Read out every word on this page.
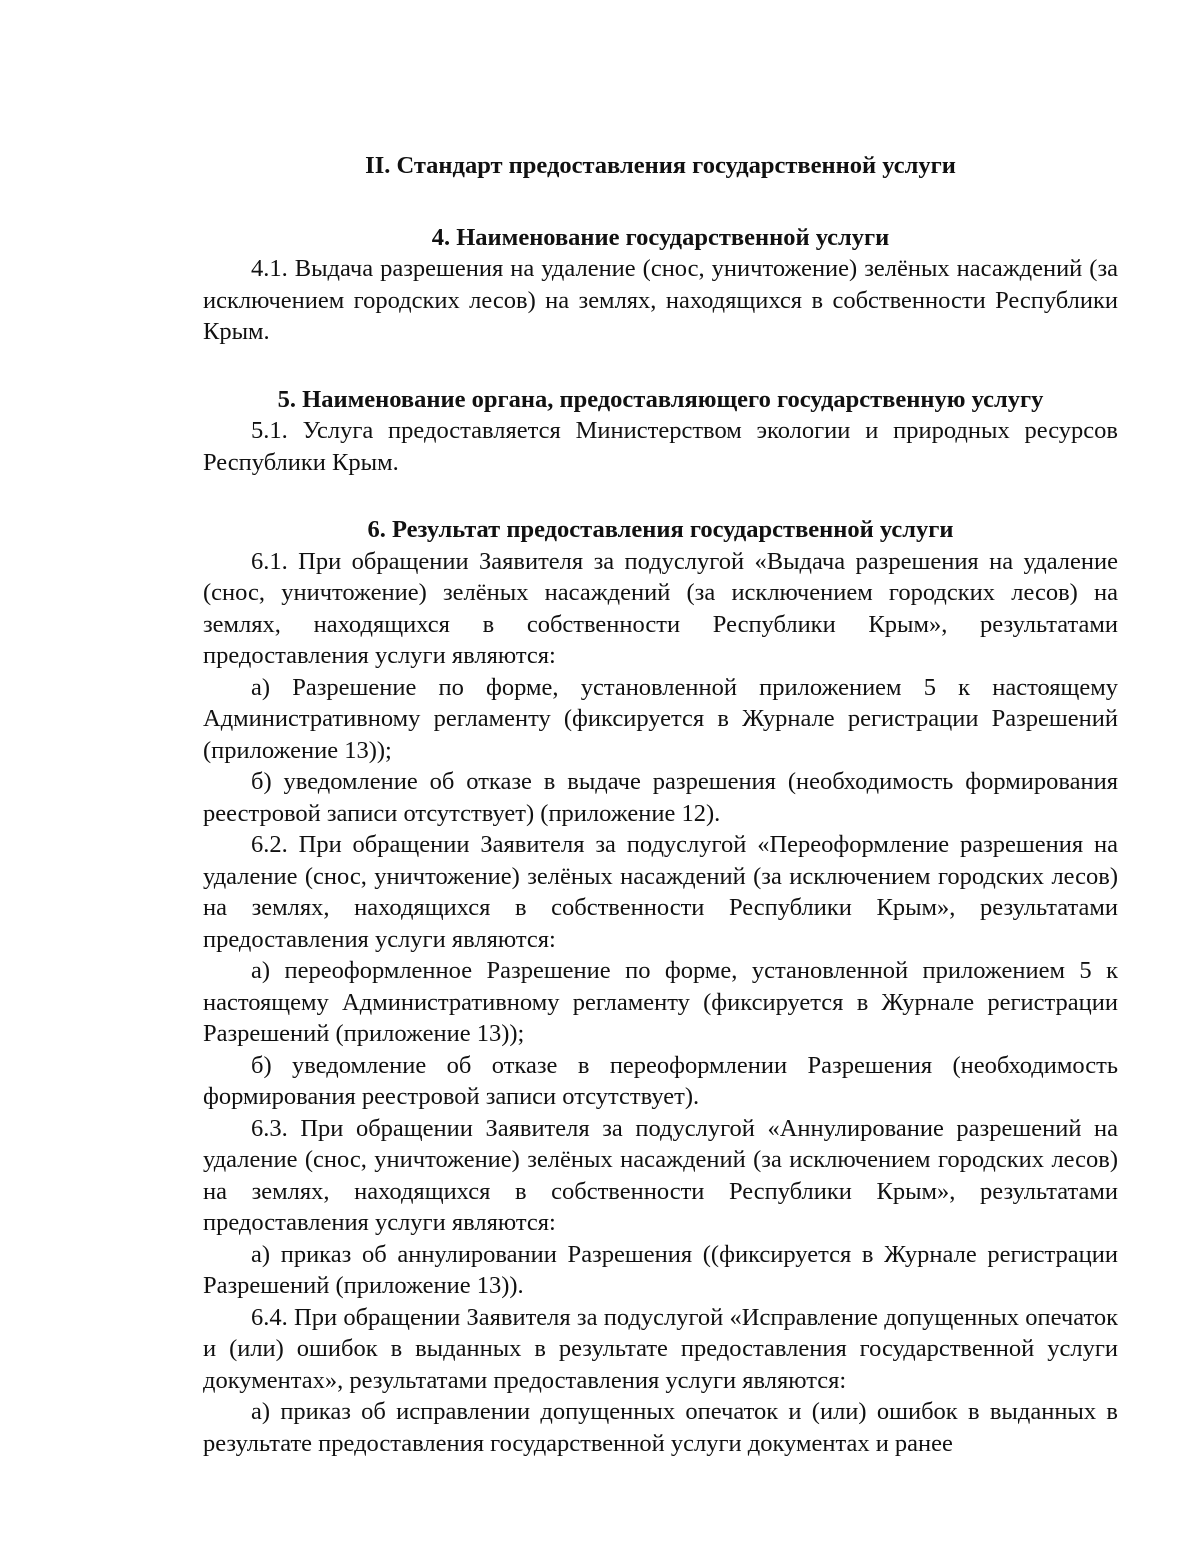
II. Стандарт предоставления государственной услуги
4. Наименование государственной услуги

4.1. Выдача разрешения на удаление (снос, уничтожение) зелёных насаждений (за исключением городских лесов) на землях, находящихся в собственности Республики Крым.

5. Наименование органа, предоставляющего государственную услугу

5.1. Услуга предоставляется Министерством экологии и природных ресурсов Республики Крым.

6. Результат предоставления государственной услуги

6.1. При обращении Заявителя за подуслугой «Выдача разрешения на удаление (снос, уничтожение) зелёных насаждений (за исключением городских лесов) на землях, находящихся в собственности Республики Крым», результатами предоставления услуги являются:

а) Разрешение по форме, установленной приложением 5 к настоящему Административному регламенту (фиксируется в Журнале регистрации Разрешений (приложение 13));

б) уведомление об отказе в выдаче разрешения (необходимость формирования реестровой записи отсутствует) (приложение 12).

6.2. При обращении Заявителя за подуслугой «Переоформление разрешения на удаление (снос, уничтожение) зелёных насаждений (за исключением городских лесов) на землях, находящихся в собственности Республики Крым», результатами предоставления услуги являются:

а) переоформленное Разрешение по форме, установленной приложением 5 к настоящему Административному регламенту (фиксируется в Журнале регистрации Разрешений (приложение 13));

б) уведомление об отказе в переоформлении Разрешения (необходимость формирования реестровой записи отсутствует).

6.3. При обращении Заявителя за подуслугой «Аннулирование разрешений на удаление (снос, уничтожение) зелёных насаждений (за исключением городских лесов) на землях, находящихся в собственности Республики Крым», результатами предоставления услуги являются:

а) приказ об аннулировании Разрешения ((фиксируется в Журнале регистрации Разрешений (приложение 13)).

6.4. При обращении Заявителя за подуслугой «Исправление допущенных опечаток и (или) ошибок в выданных в результате предоставления государственной услуги документах», результатами предоставления услуги являются:

а) приказ об исправлении допущенных опечаток и (или) ошибок в выданных в результате предоставления государственной услуги документах и ранее
